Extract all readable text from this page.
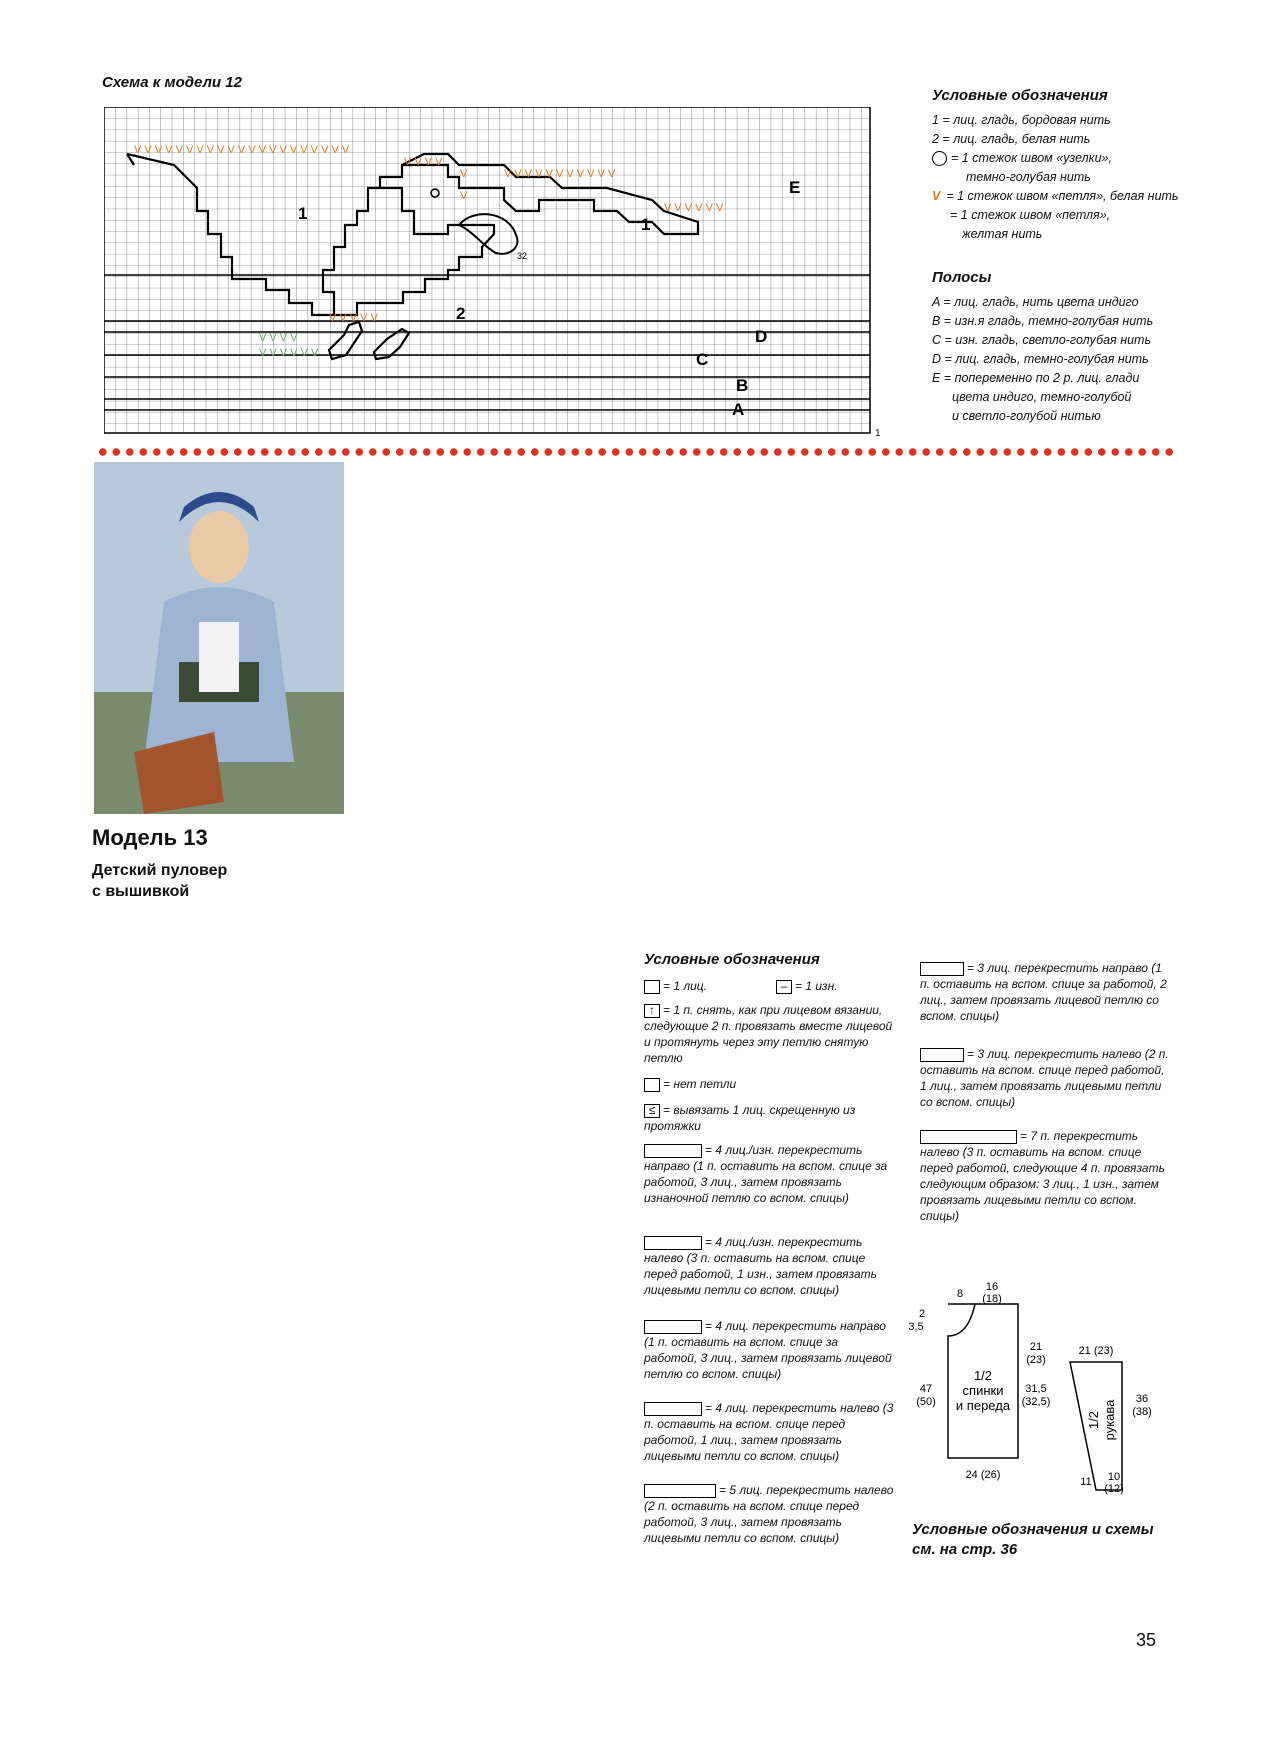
Схема к модели 12
V V V V V V V V V V V V V V V V V V V V V
V V V V
V
V
V V V V V V V V V V V
V V V V V V
V V V V V
V V V V
V V V V V V
1
1
2
E
D
C
B
A
32
1
Условные обозначения
1 = лиц. гладь, бордовая нить
2 = лиц. гладь, белая нить
= 1 стежок швом «узелки»,
темно-голубая нить
V = 1 стежок швом «петля», белая нить
= 1 стежок швом «петля»,
желтая нить
Полосы
A = лиц. гладь, нить цвета индиго
B = изн.я гладь, темно-голубая нить
C = изн. гладь, светло-голубая нить
D = лиц. гладь, темно-голубая нить
E = попеременно по 2 р. лиц. глади
цвета индиго, темно-голубой
и светло-голубой нитью
Модель 13
Детский пуловер
с вышивкой
Условные обозначения
= 1 лиц.	– = 1 изн.
↑ = 1 п. снять, как при лицевом вязании, следующие 2 п. провязать вместе лицевой и протянуть через эту петлю снятую петлю
= нет петли
≤ = вывязать 1 лиц. скрещенную из протяжки
= 4 лиц./изн. перекрестить направо (1 п. оставить на вспом. спице за работой, 3 лиц., затем провязать изнаночной петлю со вспом. спицы)
= 4 лиц./изн. перекрестить налево (3 п. оставить на вспом. спице перед работой, 1 изн., затем провязать лицевыми петли со вспом. спицы)
= 4 лиц. перекрестить направо (1 п. оставить на вспом. спице за работой, 3 лиц., затем провязать лицевой петлю со вспом. спицы)
= 4 лиц. перекрестить налево (3 п. оставить на вспом. спице перед работой, 1 лиц., затем провязать лицевыми петли со вспом. спицы)
= 5 лиц. перекрестить налево (2 п. оставить на вспом. спице перед работой, 3 лиц., затем провязать лицевыми петли со вспом. спицы)
= 3 лиц. перекрестить направо (1 п. оставить на вспом. спице за работой, 2 лиц., затем провязать лицевой петлю со вспом. спицы)
= 3 лиц. перекрестить налево (2 п. оставить на вспом. спице перед работой, 1 лиц., затем провязать лицевыми петли со вспом. спицы)
= 7 п. перекрестить налево (3 п. оставить на вспом. спице перед работой, следующие 4 п. провязать следующим образом: 3 лиц., 1 изн., затем провязать лицевыми петли со вспом. спицы)
8
16
(18)
2
3,5
21
(23)
47
(50)
1/2
спинки
и переда
31,5
(32,5)
24 (26)
21 (23)
36
(38)
11 10
(12)
1/2 рукава
Условные обозначения и схемы
см. на стр. 36
35
